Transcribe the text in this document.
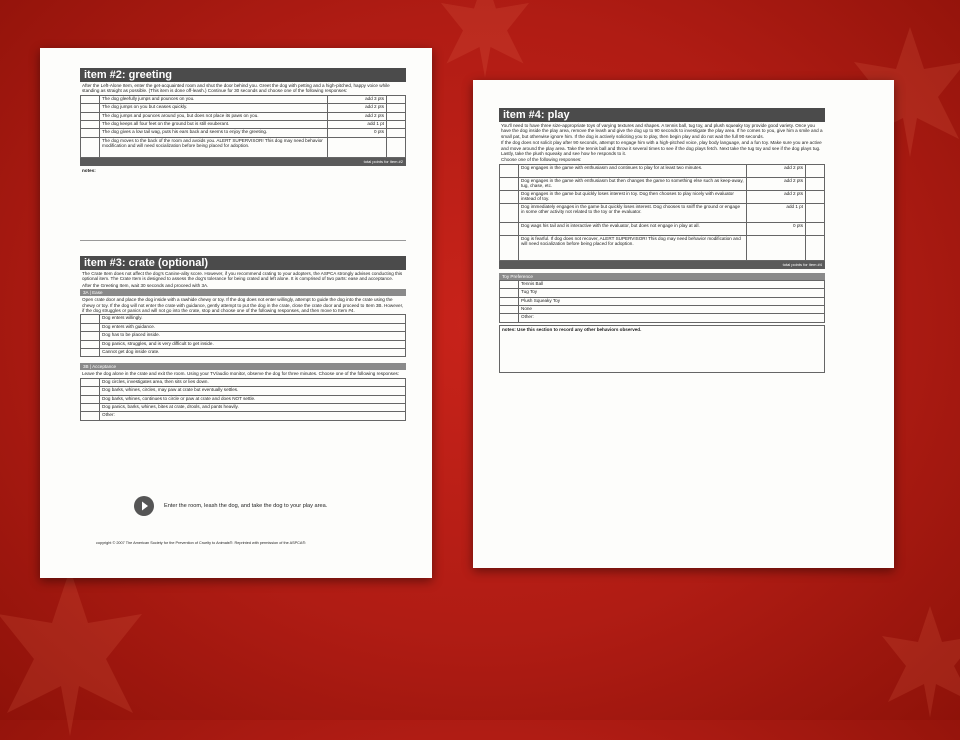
item #2: greeting
After the Left-Alone Item, enter the get-acquainted room and shut the door behind you. Greet the dog with petting and a high-pitched, happy voice while standing as straight as possible. (This item is done off-leash.) Continue for 30 seconds and choose one of the following responses:
	The dog gleefully jumps and pounces on you.	add 3 pts	
	The dog jumps on you but ceases quickly.	add 2 pts	
	The dog jumps and pounces around you, but does not place its paws on you.	add 2 pts	
	The dog keeps all four feet on the ground but is still exuberant.	add 1 pt	
	The dog gives a low tail wag, puts his ears back and seems to enjoy the greeting.	0 pts	
	The dog moves to the back of the room and avoids you. ALERT SUPERVISOR! This dog may need behavior modification and will need socialization before being placed for adoption.		
total points for item #2
notes:
item #3: crate (optional)
The Crate Item does not affect the dog's Canine-ality score. However, if you recommend crating to your adopters, the ASPCA strongly advises conducting this optional item. The Crate Item is designed to assess the dog's tolerance for being crated and left alone. It is comprised of two parts: ease and acceptance.
After the Greeting Item, wait 30 seconds and proceed with 3A.
3A | Ease
Open crate door and place the dog inside with a rawhide chewy or toy. If the dog does not enter willingly, attempt to guide the dog into the crate using the chewy or toy. If the dog will not enter the crate with guidance, gently attempt to put the dog in the crate, close the crate door and proceed to Item 3B. However, if the dog struggles or panics and will not go into the crate, stop and choose one of the following responses, and then move to Item #4.
	Dog enters willingly.
	Dog enters with guidance.
	Dog has to be placed inside.
	Dog panics, struggles, and is very difficult to get inside.
	Cannot get dog inside crate.
3B | Acceptance
Leave the dog alone in the crate and exit the room. Using your TV/audio monitor, observe the dog for three minutes. Choose one of the following responses:
	Dog circles, investigates area, then sits or lies down.
	Dog barks, whines, circles, may paw at crate but eventually settles.
	Dog barks, whines, continues to circle or paw at crate and does NOT settle.
	Dog panics, barks, whines, bites at crate, drools, and pants heavily.
	Other:
Enter the room, leash the dog, and take the dog to your play area.
copyright © 2007 The American Society for the Prevention of Cruelty to Animals®. Reprinted with permission of the ASPCA®.
item #4: play
You'll need to have three size-appropriate toys of varying textures and shapes. A tennis ball, tug toy, and plush squeaky toy provide good variety. Once you have the dog inside the play area, remove the leash and give the dog up to 90 seconds to investigate the play area. If he comes to you, give him a smile and a small pat, but otherwise ignore him. If the dog is actively soliciting you to play, then begin play and do not wait the full 90 seconds.
If the dog does not solicit play after 90 seconds, attempt to engage him with a high-pitched voice, play body language, and a fun toy. Make sure you are active and move around the play area. Take the tennis ball and throw it several times to see if the dog plays fetch. Next take the tug toy and see if the dog plays tug. Lastly, take the plush squeaky and see how he responds to it.
Choose one of the following responses:
	Dog engages in the game with enthusiasm and continues to play for at least two minutes.	add 2 pts	
	Dog engages in the game with enthusiasm but then changes the game to something else such as keep-away, tug, chase, etc.	add 2 pts	
	Dog engages in the game but quickly loses interest in toy. Dog then chooses to play nicely with evaluator instead of toy.	add 2 pts	
	Dog immediately engages in the game but quickly loses interest. Dog chooses to sniff the ground or engage in some other activity not related to the toy or the evaluator.	add 1 pt	
	Dog wags his tail and is interactive with the evaluator, but does not engage in play at all.	0 pts	
	Dog is fearful. If dog does not recover, ALERT SUPERVISOR! This dog may need behavior modification and will need socialization before being placed for adoption.		
total points for item #4
Toy Preference
	Tennis Ball
	Tug Toy
	Plush Squeaky Toy
	None
	Other:
notes: Use this section to record any other behaviors observed.
